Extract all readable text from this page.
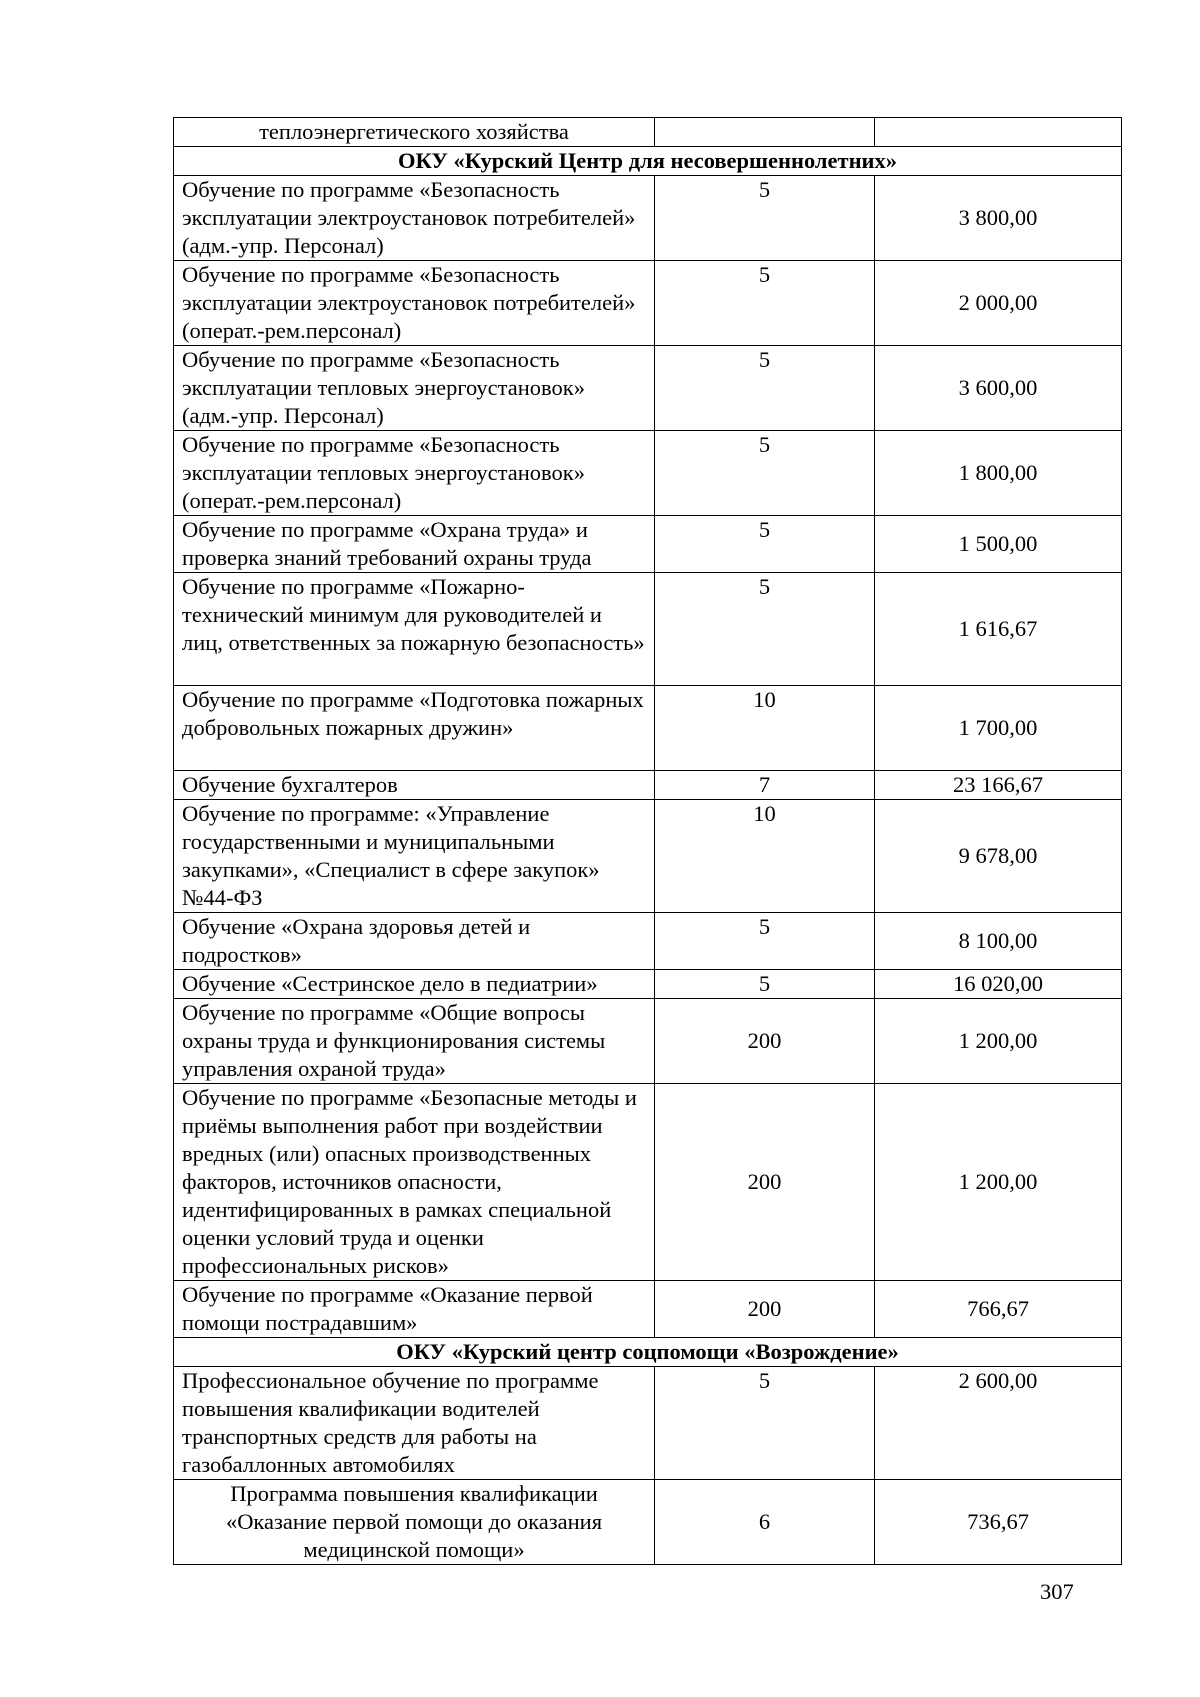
теплоэнергетического хозяйства		
ОКУ «Курский Центр для несовершеннолетних»		
Обучение по программе «Безопасность эксплуатации электроустановок потребителей» (адм.-упр. Персонал)	5	3 800,00
Обучение по программе «Безопасность эксплуатации электроустановок потребителей» (операт.-рем.персонал)	5	2 000,00
Обучение по программе «Безопасность эксплуатации тепловых энергоустановок» (адм.-упр. Персонал)	5	3 600,00
Обучение по программе «Безопасность эксплуатации тепловых энергоустановок» (операт.-рем.персонал)	5	1 800,00
Обучение по программе «Охрана труда» и проверка знаний требований охраны труда	5	1 500,00
Обучение по программе «Пожарно-технический минимум для руководителей и лиц, ответственных за пожарную безопасность»	5	1 616,67
Обучение по программе «Подготовка пожарных добровольных пожарных дружин»	10	1 700,00
Обучение бухгалтеров	7	23 166,67
Обучение по программе: «Управление государственными и муниципальными закупками», «Специалист в сфере закупок» №44-ФЗ	10	9 678,00
Обучение «Охрана здоровья детей и подростков»	5	8 100,00
Обучение «Сестринское дело в педиатрии»	5	16 020,00
Обучение по программе «Общие вопросы охраны труда и функционирования системы управления охраной труда»	200	1 200,00
Обучение по программе «Безопасные методы и приёмы выполнения работ при воздействии вредных (или) опасных производственных факторов, источников опасности, идентифицированных в рамках специальной оценки условий труда и оценки профессиональных рисков»	200	1 200,00
Обучение по программе «Оказание первой помощи пострадавшим»	200	766,67
ОКУ «Курский центр соцпомощи «Возрождение»		
Профессиональное обучение по программе повышения квалификации водителей транспортных средств для работы на газобаллонных автомобилях	5	2 600,00
Программа повышения квалификации «Оказание первой помощи до оказания медицинской помощи»	6	736,67
307
